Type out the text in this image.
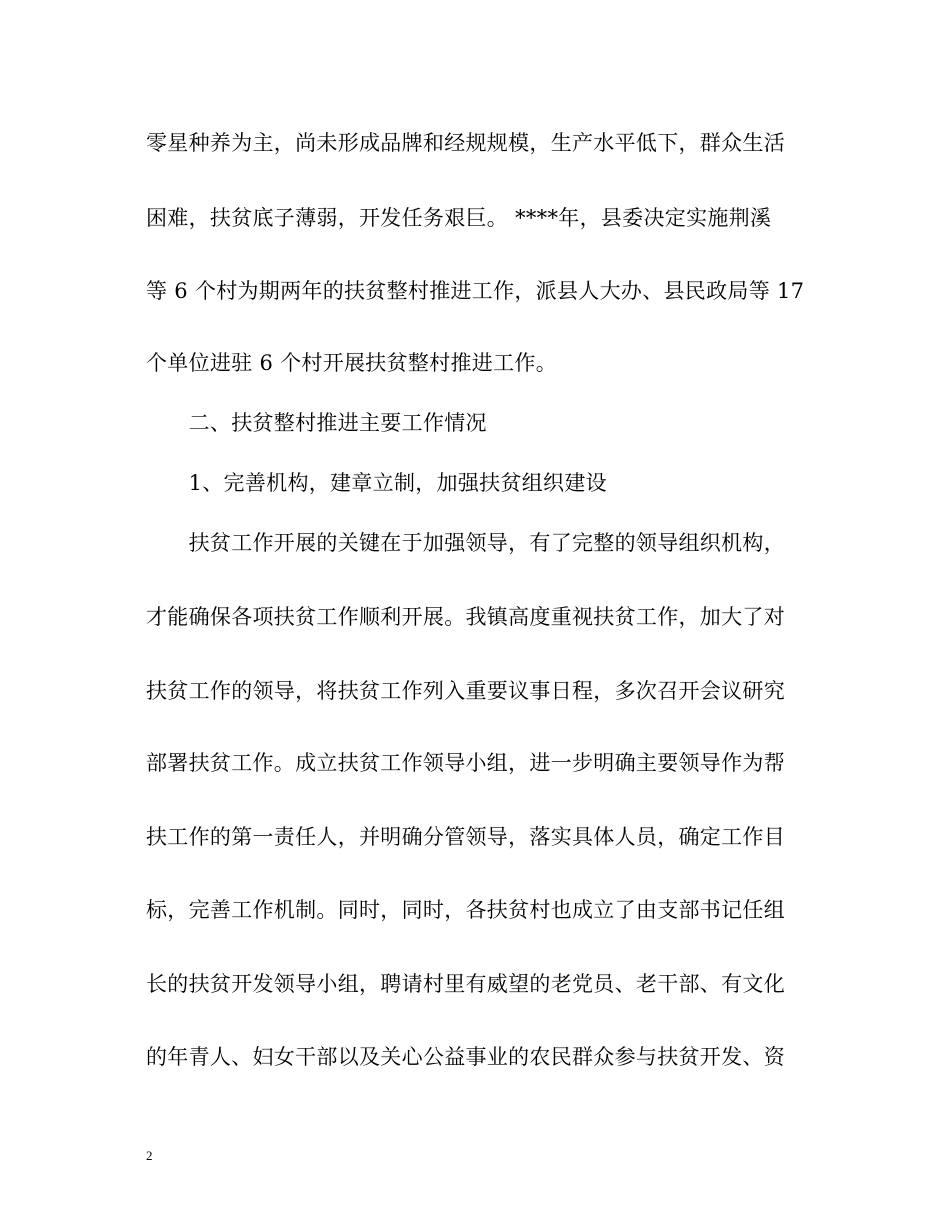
零星种养为主，尚未形成品牌和经规规模，生产水平低下，群众生活
困难，扶贫底子薄弱，开发任务艰巨。 ****年，县委决定实施荆溪
等 6 个村为期两年的扶贫整村推进工作，派县人大办、县民政局等 17
个单位进驻 6 个村开展扶贫整村推进工作。
　　二、扶贫整村推进主要工作情况
　　1、完善机构，建章立制，加强扶贫组织建设
　　扶贫工作开展的关键在于加强领导，有了完整的领导组织机构，
才能确保各项扶贫工作顺利开展。我镇高度重视扶贫工作，加大了对
扶贫工作的领导，将扶贫工作列入重要议事日程，多次召开会议研究
部署扶贫工作。成立扶贫工作领导小组，进一步明确主要领导作为帮
扶工作的第一责任人，并明确分管领导，落实具体人员，确定工作目
标，完善工作机制。同时，同时，各扶贫村也成立了由支部书记任组
长的扶贫开发领导小组，聘请村里有威望的老党员、老干部、有文化
的年青人、妇女干部以及关心公益事业的农民群众参与扶贫开发、资
2
